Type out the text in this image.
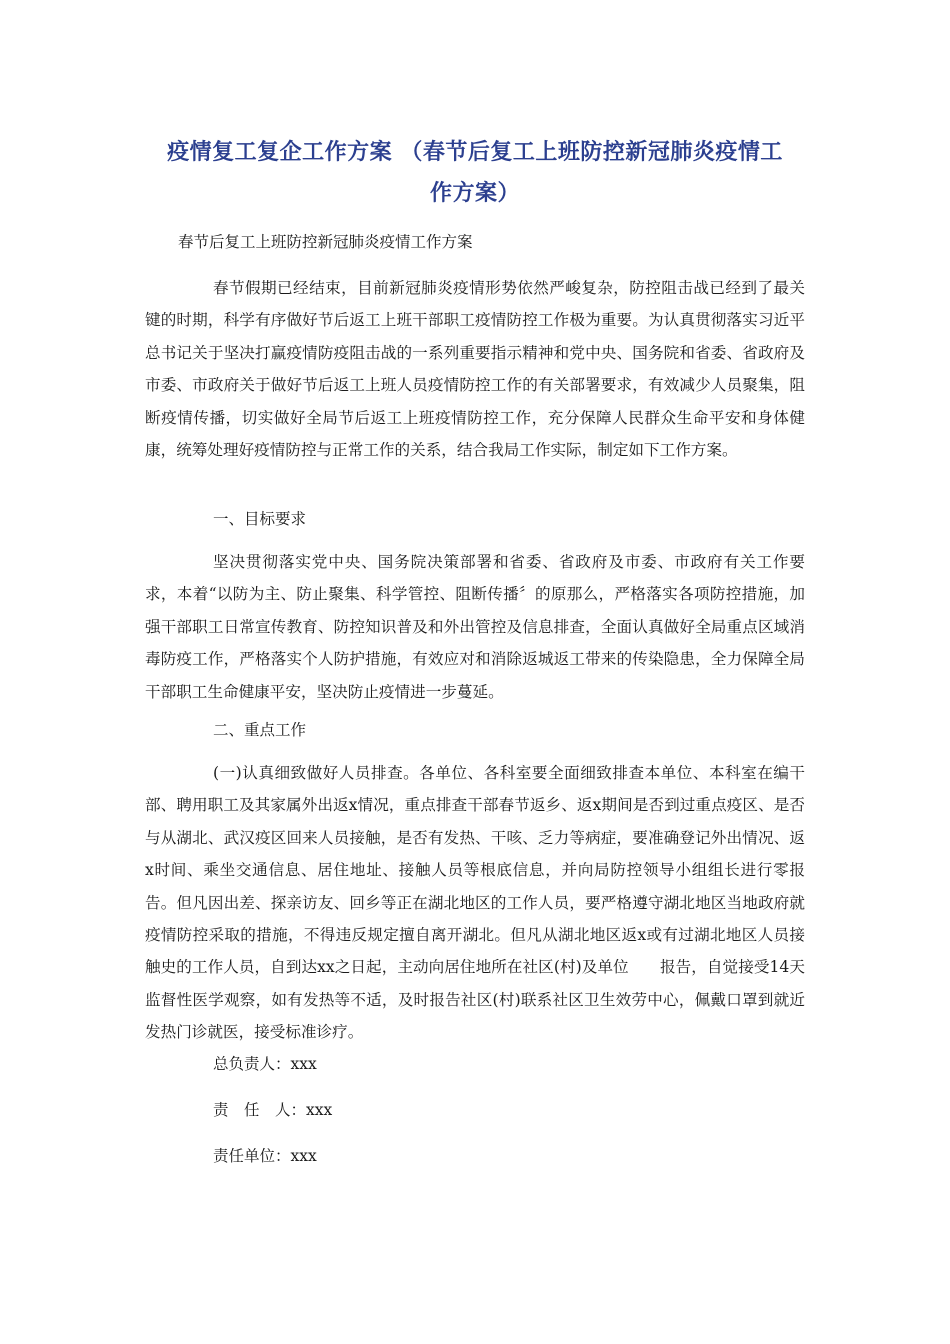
疫情复工复企工作方案 （春节后复工上班防控新冠肺炎疫情工
作方案）
春节后复工上班防控新冠肺炎疫情工作方案

春节假期已经结束，目前新冠肺炎疫情形势依然严峻复杂，防控阻击战已经到了最关键的时期，科学有序做好节后返工上班干部职工疫情防控工作极为重要。为认真贯彻落实习近平总书记关于坚决打赢疫情防疫阻击战的一系列重要指示精神和党中央、国务院和省委、省政府及市委、市政府关于做好节后返工上班人员疫情防控工作的有关部署要求，有效减少人员聚集，阻断疫情传播，切实做好全局节后返工上班疫情防控工作，充分保障人民群众生命平安和身体健康，统筹处理好疫情防控与正常工作的关系，结合我局工作实际，制定如下工作方案。

一、目标要求

坚决贯彻落实党中央、国务院决策部署和省委、省政府及市委、市政府有关工作要求，本着“以防为主、防止聚集、科学管控、阻断传播〞的原那么，严格落实各项防控措施，加强干部职工日常宣传教育、防控知识普及和外出管控及信息排查，全面认真做好全局重点区域消毒防疫工作，严格落实个人防护措施，有效应对和消除返城返工带来的传染隐患，全力保障全局干部职工生命健康平安，坚决防止疫情进一步蔓延。

二、重点工作

(一)认真细致做好人员排查。各单位、各科室要全面细致排查本单位、本科室在编干部、聘用职工及其家属外出返x情况，重点排查干部春节返乡、返x期间是否到过重点疫区、是否与从湖北、武汉疫区回来人员接触，是否有发热、干咳、乏力等病症，要准确登记外出情况、返x时间、乘坐交通信息、居住地址、接触人员等根底信息，并向局防控领导小组组长进行零报告。但凡因出差、探亲访友、回乡等正在湖北地区的工作人员，要严格遵守湖北地区当地政府就疫情防控采取的措施，不得违反规定擅自离开湖北。但凡从湖北地区返x或有过湖北地区人员接触史的工作人员，自到达xx之日起，主动向居住地所在社区(村)及单位　　报告，自觉接受14天监督性医学观察，如有发热等不适，及时报告社区(村)联系社区卫生效劳中心，佩戴口罩到就近发热门诊就医，接受标准诊疗。

总负责人：xxx
责　任　人：xxx
责任单位：xxx
